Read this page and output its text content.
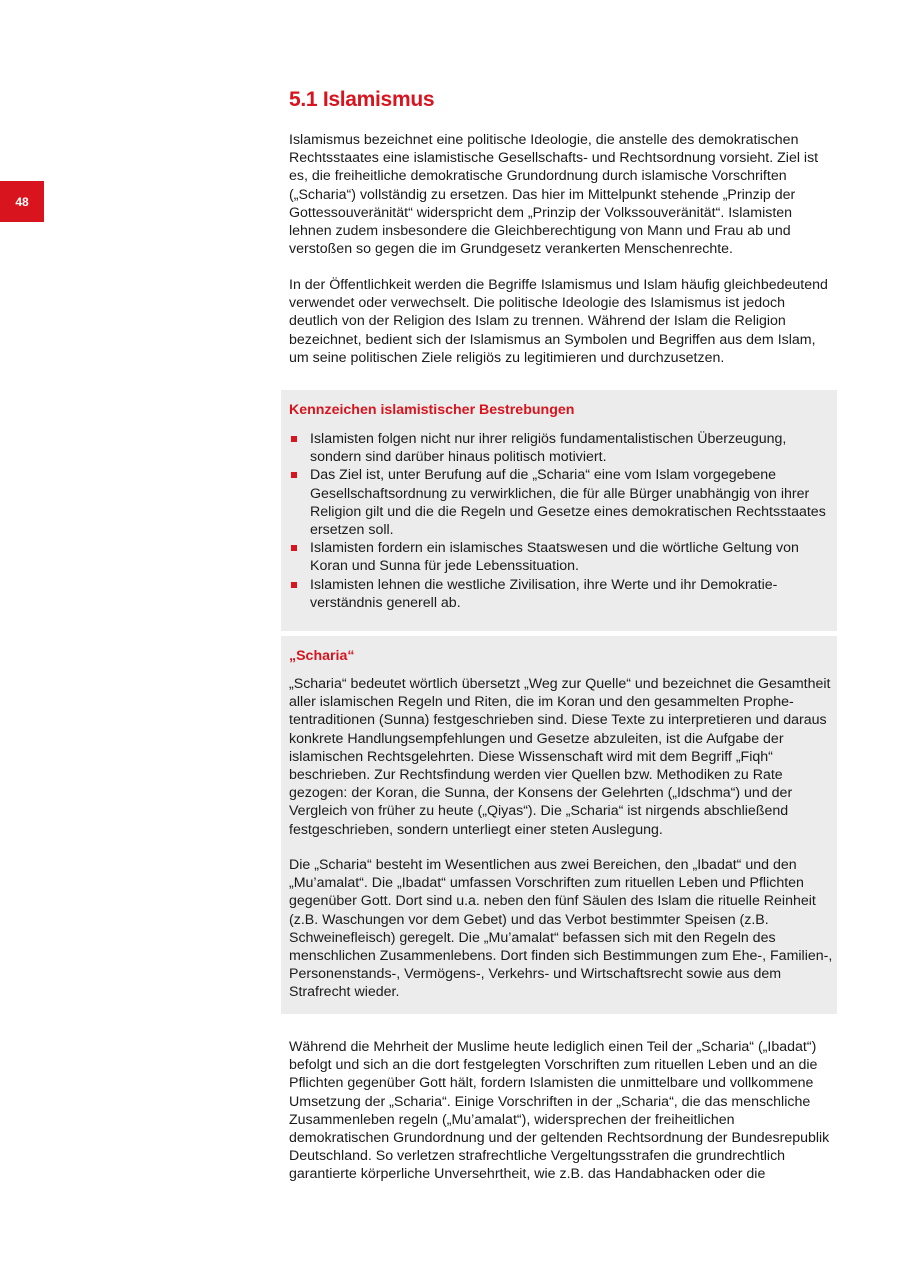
48
5.1 Islamismus

Islamismus bezeichnet eine politische Ideologie, die anstelle des demokratischen Rechtsstaates eine islamistische Gesellschafts- und Rechtsordnung vorsieht. Ziel ist es, die freiheitliche demokratische Grundordnung durch islamische Vorschriften („Scharia“) vollständig zu ersetzen. Das hier im Mittelpunkt stehende „Prinzip der Gottessouveränität“ widerspricht dem „Prinzip der Volkssouveränität“. Islamisten lehnen zudem insbesondere die Gleichberechtigung von Mann und Frau ab und verstoßen so gegen die im Grundgesetz verankerten Menschenrechte.

In der Öffentlichkeit werden die Begriffe Islamismus und Islam häufig gleichbedeutend verwendet oder verwechselt. Die politische Ideologie des Islamismus ist jedoch deutlich von der Religion des Islam zu trennen. Während der Islam die Religion bezeichnet, bedient sich der Islamismus an Symbolen und Begriffen aus dem Islam, um seine politischen Ziele religiös zu legitimieren und durchzusetzen.

Kennzeichen islamistischer Bestrebungen
Islamisten folgen nicht nur ihrer religiös fundamentalistischen Überzeugung, sondern sind darüber hinaus politisch motiviert.
Das Ziel ist, unter Berufung auf die „Scharia“ eine vom Islam vorgegebene Gesellschaftsordnung zu verwirklichen, die für alle Bürger unabhängig von ihrer Religion gilt und die die Regeln und Gesetze eines demokratischen Rechtsstaates ersetzen soll.
Islamisten fordern ein islamisches Staatswesen und die wörtliche Geltung von Koran und Sunna für jede Lebenssituation.
Islamisten lehnen die westliche Zivilisation, ihre Werte und ihr Demokratieverständnis generell ab.
„Scharia“

„Scharia“ bedeutet wörtlich übersetzt „Weg zur Quelle“ und bezeichnet die Gesamtheit aller islamischen Regeln und Riten, die im Koran und den gesammelten Prophetentraditionen (Sunna) festgeschrieben sind. Diese Texte zu interpretieren und daraus konkrete Handlungsempfehlungen und Gesetze abzuleiten, ist die Aufgabe der islamischen Rechtsgelehrten. Diese Wissenschaft wird mit dem Begriff „Fiqh“ beschrieben. Zur Rechtsfindung werden vier Quellen bzw. Methodiken zu Rate gezogen: der Koran, die Sunna, der Konsens der Gelehrten („Idschma“) und der Vergleich von früher zu heute („Qiyas“). Die „Scharia“ ist nirgends abschließend festgeschrieben, sondern unterliegt einer steten Auslegung.

Die „Scharia“ besteht im Wesentlichen aus zwei Bereichen, den „Ibadat“ und den „Mu’amalat“. Die „Ibadat“ umfassen Vorschriften zum rituellen Leben und Pflichten gegenüber Gott. Dort sind u.a. neben den fünf Säulen des Islam die rituelle Reinheit (z.B. Waschungen vor dem Gebet) und das Verbot bestimmter Speisen (z.B. Schweinefleisch) geregelt. Die „Mu’amalat“ befassen sich mit den Regeln des menschlichen Zusammenlebens. Dort finden sich Bestimmungen zum Ehe-, Familien-, Personenstands-, Vermögens-, Verkehrs- und Wirtschaftsrecht sowie aus dem Strafrecht wieder.

Während die Mehrheit der Muslime heute lediglich einen Teil der „Scharia“ („Ibadat“) befolgt und sich an die dort festgelegten Vorschriften zum rituellen Leben und an die Pflichten gegenüber Gott hält, fordern Islamisten die unmittelbare und vollkommene Umsetzung der „Scharia“. Einige Vorschriften in der „Scharia“, die das menschliche Zusammenleben regeln („Mu’amalat“), widersprechen der freiheitlichen demokratischen Grundordnung und der geltenden Rechtsordnung der Bundesrepublik Deutschland. So verletzen strafrechtliche Vergeltungsstrafen die grundrechtlich garantierte körperliche Unversehrtheit, wie z.B. das Handabhacken oder die
